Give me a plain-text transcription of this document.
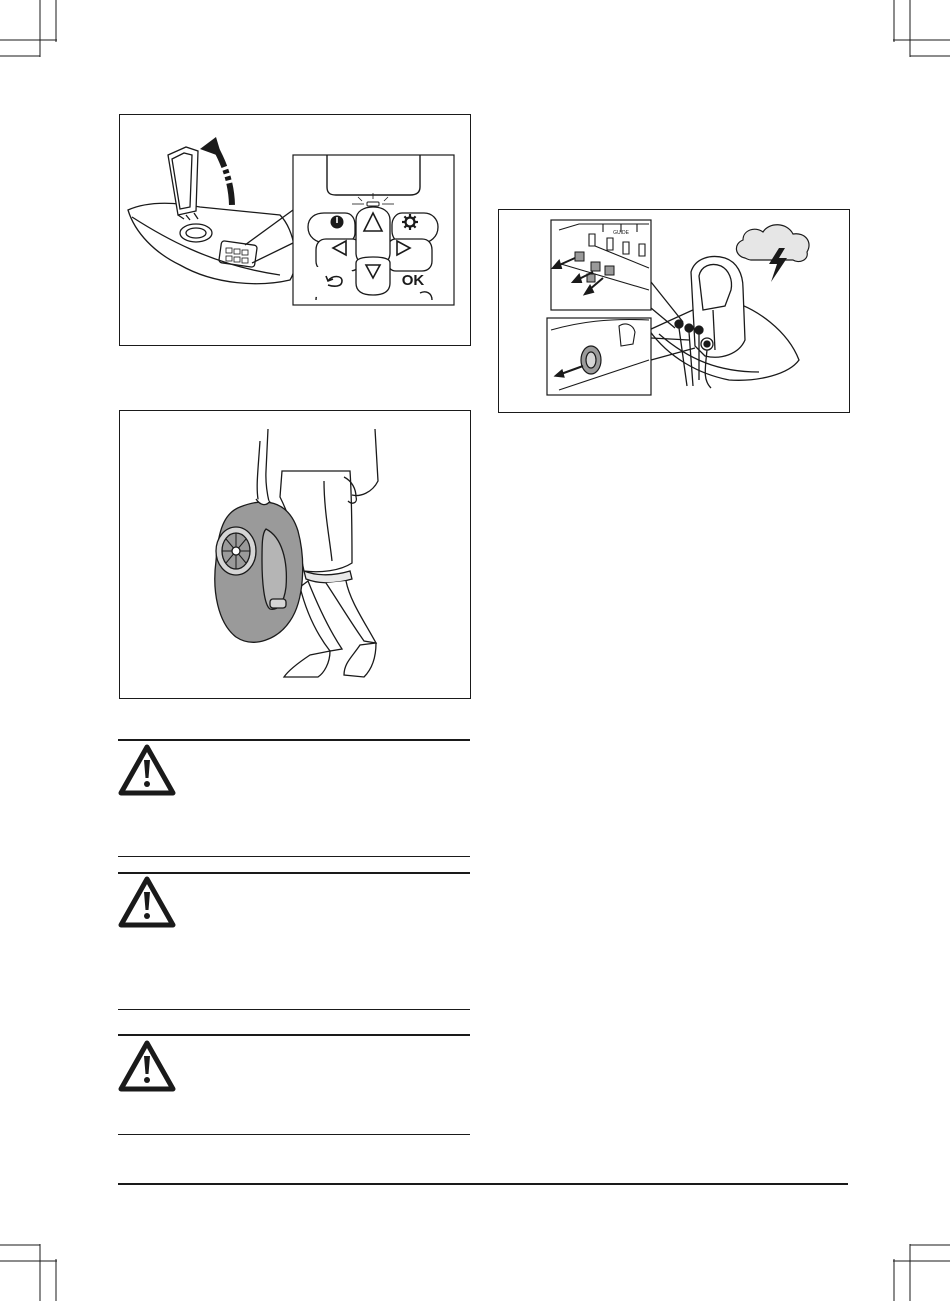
OK
GUIDE
